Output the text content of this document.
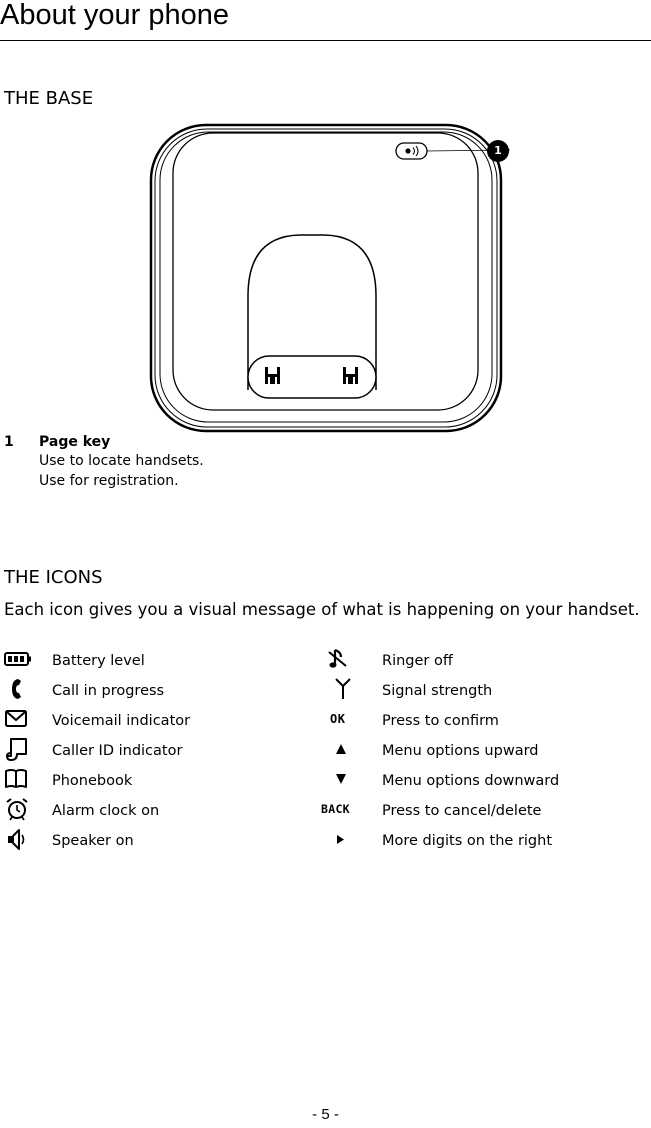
About your phone
THE BASE
1
1 Page key
Use to locate handsets.
Use for registration.
THE ICONS

Each icon gives you a visual message of what is happening on your handset.

Battery level
Call in progress
Voicemail indicator
Caller ID indicator
Phonebook
Alarm clock on
Speaker on
Ringer off
Signal strength
OK	Press to confirm
Menu options upward
Menu options downward
BACK Press to cancel/delete
More digits on the right
- 5 -
